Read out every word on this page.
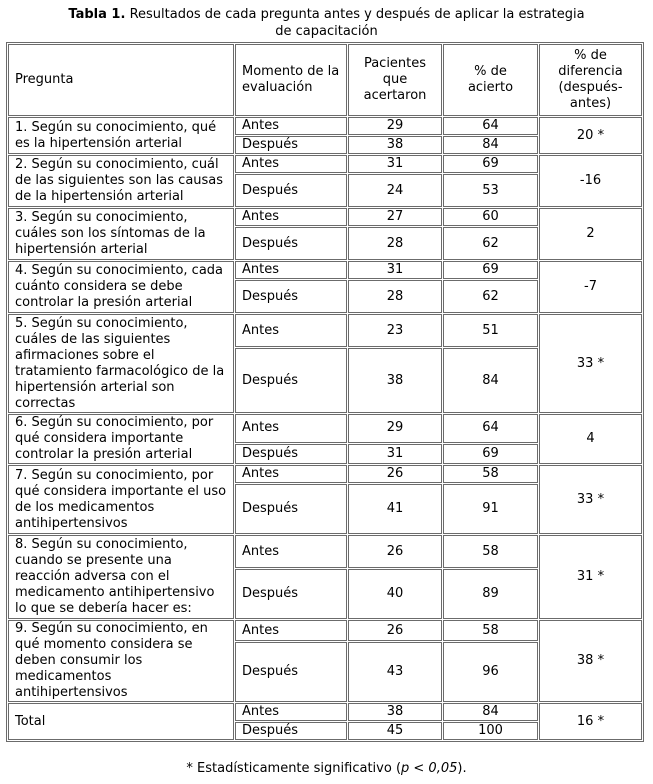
Tabla 1. Resultados de cada pregunta antes y después de aplicar la estrategia
de capacitación
Pregunta	Momento de la evaluación	Pacientes que acertaron	% de acierto	% de diferencia (después-antes)
1. Según su conocimiento, qué es la hipertensión arterial	Antes	29	64	20 *
	Después	38	84	
2. Según su conocimiento, cuál de las siguientes son las causas de la hipertensión arterial	Antes	31	69	-16
	Después	24	53	
3. Según su conocimiento, cuáles son los síntomas de la hipertensión arterial	Antes	27	60	2
	Después	28	62	
4. Según su conocimiento, cada cuánto considera se debe controlar la presión arterial	Antes	31	69	-7
	Después	28	62	
5. Según su conocimiento, cuáles de las siguientes afirmaciones sobre el tratamiento farmacológico de la hipertensión arterial son correctas	Antes	23	51	33 *
	Después	38	84	
6. Según su conocimiento, por qué considera importante controlar la presión arterial	Antes	29	64	4
	Después	31	69	
7. Según su conocimiento, por qué considera importante el uso de los medicamentos antihipertensivos	Antes	26	58	33 *
	Después	41	91	
8. Según su conocimiento, cuando se presente una reacción adversa con el medicamento antihipertensivo lo que se debería hacer es:	Antes	26	58	31 *
	Después	40	89	
9. Según su conocimiento, en qué momento considera se deben consumir los medicamentos antihipertensivos	Antes	26	58	38 *
	Después	43	96	
Total	Antes	38	84	16 *
	Después	45	100	
* Estadísticamente significativo (p < 0,05).
